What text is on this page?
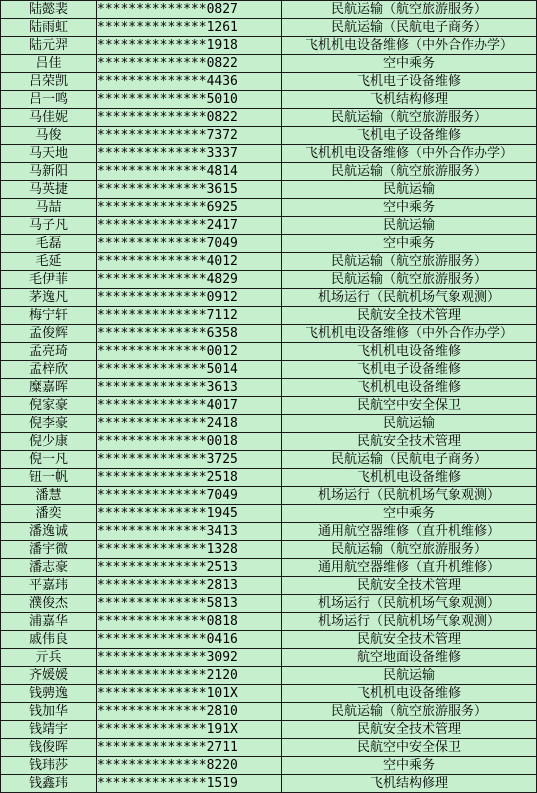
陆懿裴	**************0827	民航运输（航空旅游服务）
陆雨虹	**************1261	民航运输（民航电子商务）
陆元羿	**************1918	飞机机电设备维修（中外合作办学）
吕佳	**************0822	空中乘务
吕荣凯	**************4436	飞机电子设备维修
吕一鸣	**************5010	飞机结构修理
马佳妮	**************0822	民航运输（航空旅游服务）
马俊	**************7372	飞机电子设备维修
马天地	**************3337	飞机机电设备维修（中外合作办学）
马新阳	**************4814	民航运输（航空旅游服务）
马英捷	**************3615	民航运输
马喆	**************6925	空中乘务
马子凡	**************2417	民航运输
毛磊	**************7049	空中乘务
毛延	**************4012	民航运输（航空旅游服务）
毛伊菲	**************4829	民航运输（航空旅游服务）
茅逸凡	**************0912	机场运行（民航机场气象观测）
梅宁轩	**************7112	民航安全技术管理
孟俊辉	**************6358	飞机机电设备维修（中外合作办学）
孟亮琦	**************0012	飞机机电设备维修
孟梓欣	**************5014	飞机电子设备维修
糜嘉晖	**************3613	飞机机电设备维修
倪家豪	**************4017	民航空中安全保卫
倪李豪	**************2418	民航运输
倪少康	**************0018	民航安全技术管理
倪一凡	**************3725	民航运输（民航电子商务）
钮一帆	**************2518	飞机机电设备维修
潘慧	**************7049	机场运行（民航机场气象观测）
潘奕	**************1945	空中乘务
潘逸诚	**************3413	通用航空器维修（直升机维修）
潘宇微	**************1328	民航运输（航空旅游服务）
潘志豪	**************2513	通用航空器维修（直升机维修）
平嘉玮	**************2813	民航安全技术管理
濮俊杰	**************5813	机场运行（民航机场气象观测）
浦嘉华	**************0818	机场运行（民航机场气象观测）
戚伟良	**************0416	民航安全技术管理
亓兵	**************3092	航空地面设备维修
齐媛媛	**************2120	民航运输
钱骋逸	**************101X	飞机机电设备维修
钱加华	**************2810	民航运输（航空旅游服务）
钱靖宇	**************191X	民航安全技术管理
钱俊晖	**************2711	民航空中安全保卫
钱玮莎	**************8220	空中乘务
钱鑫玮	**************1519	飞机结构修理
